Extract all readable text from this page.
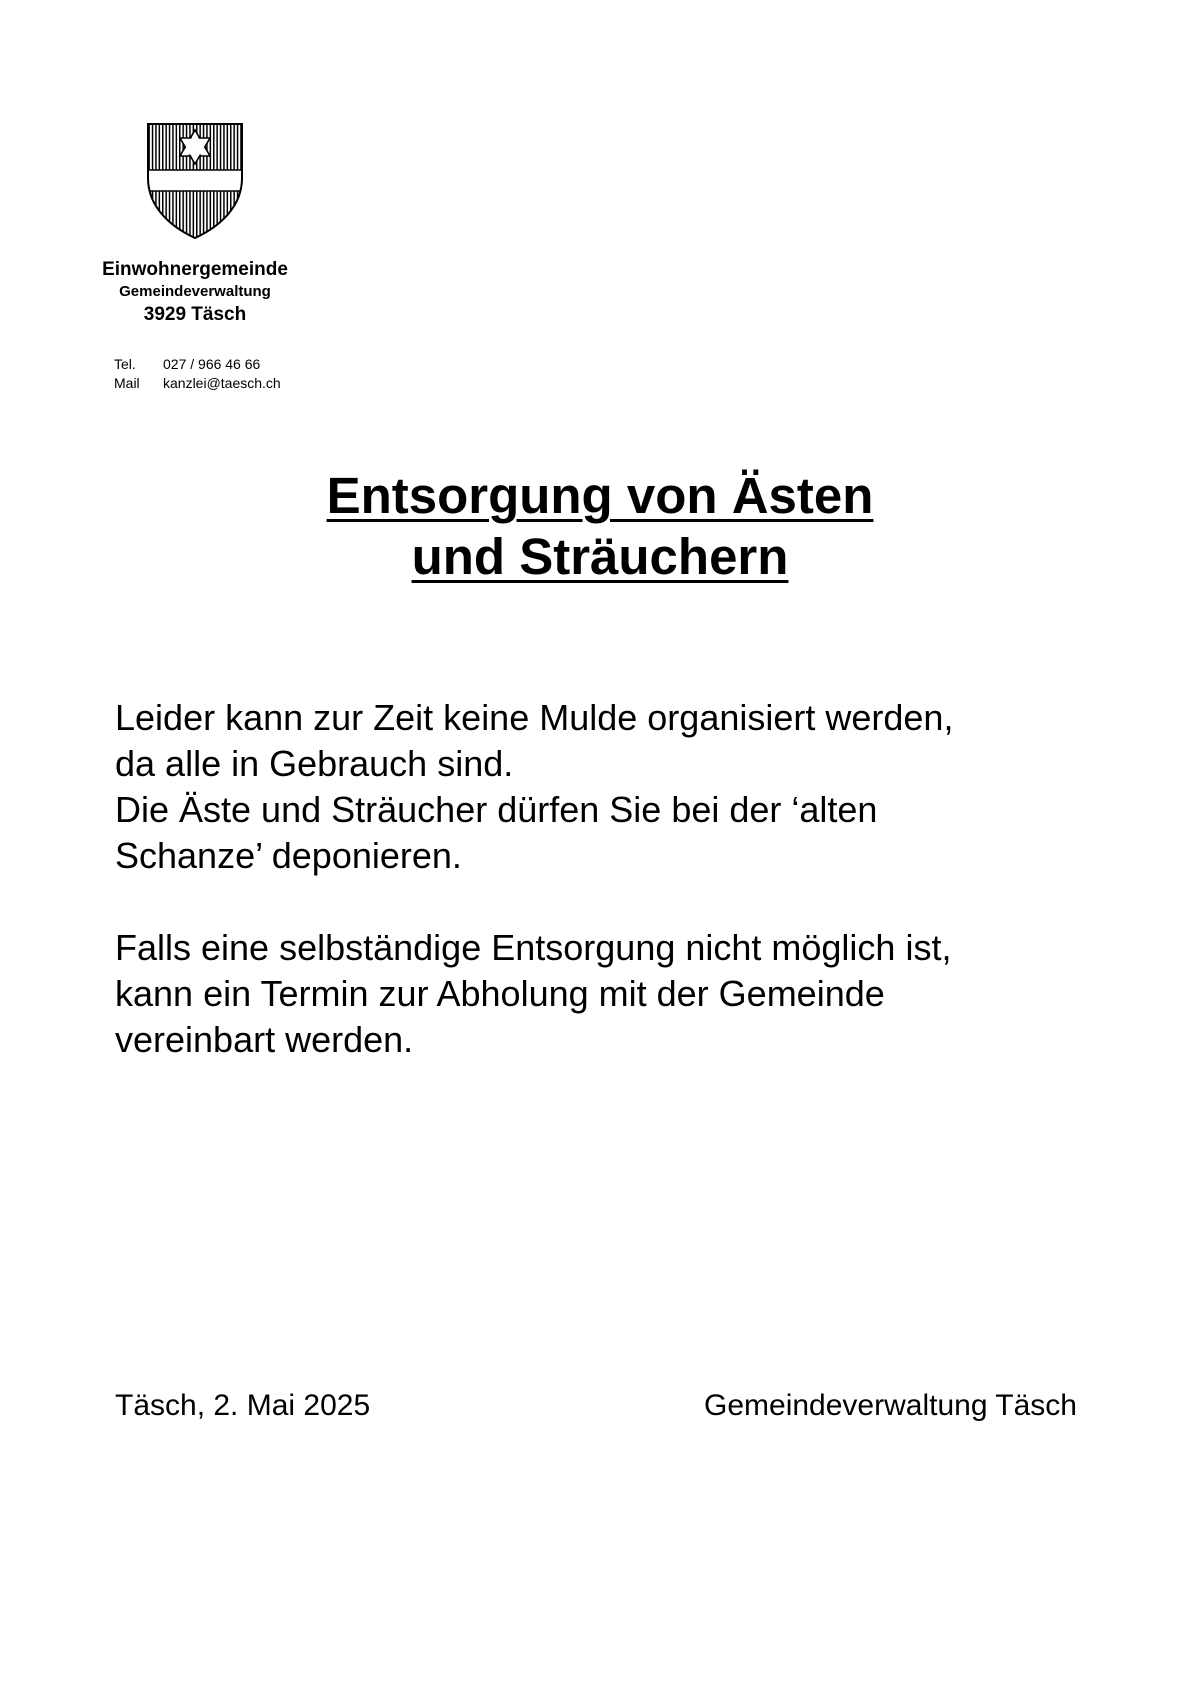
Einwohnergemeinde
Gemeindeverwaltung
3929 Täsch
Tel.	027 / 966 46 66
Mail	kanzlei@taesch.ch
Entsorgung von Ästen
und Sträuchern

Leider kann zur Zeit keine Mulde organisiert werden,

da alle in Gebrauch sind.

Die Äste und Sträucher dürfen Sie bei der ‘alten

Schanze’ deponieren.

Falls eine selbständige Entsorgung nicht möglich ist,

kann ein Termin zur Abholung mit der Gemeinde

vereinbart werden.

Täsch, 2. Mai 2025	Gemeindeverwaltung Täsch
